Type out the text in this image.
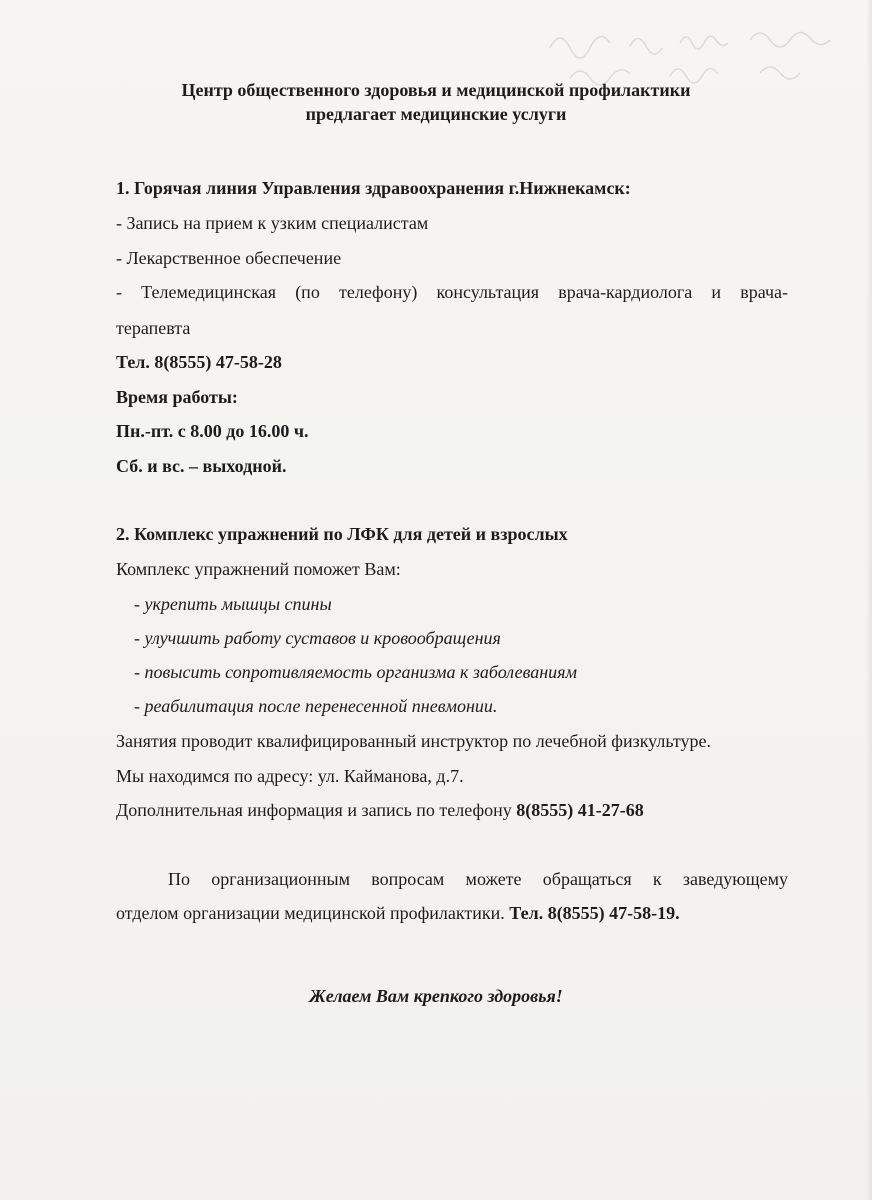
Центр общественного здоровья и медицинской профилактики
предлагает медицинские услуги
1. Горячая линия Управления здравоохранения г.Нижнекамск:
- Запись на прием к узким специалистам
- Лекарственное обеспечение
- Телемедицинская (по телефону) консультация врача-кардиолога и врача-
терапевта
Тел. 8(8555) 47-58-28
Время работы:
Пн.-пт. с 8.00 до 16.00 ч.
Сб. и вс. – выходной.
2. Комплекс упражнений по ЛФК для детей и взрослых
Комплекс упражнений поможет Вам:
- укрепить мышцы спины
- улучшить работу суставов и кровообращения
- повысить сопротивляемость организма к заболеваниям
- реабилитация после перенесенной пневмонии.
Занятия проводит квалифицированный инструктор по лечебной физкультуре.
Мы находимся по адресу: ул. Кайманова, д.7.
Дополнительная информация и запись по телефону 8(8555) 41-27-68
По организационным вопросам можете обращаться к заведующему
отделом организации медицинской профилактики. Тел. 8(8555) 47-58-19.
Желаем Вам крепкого здоровья!
